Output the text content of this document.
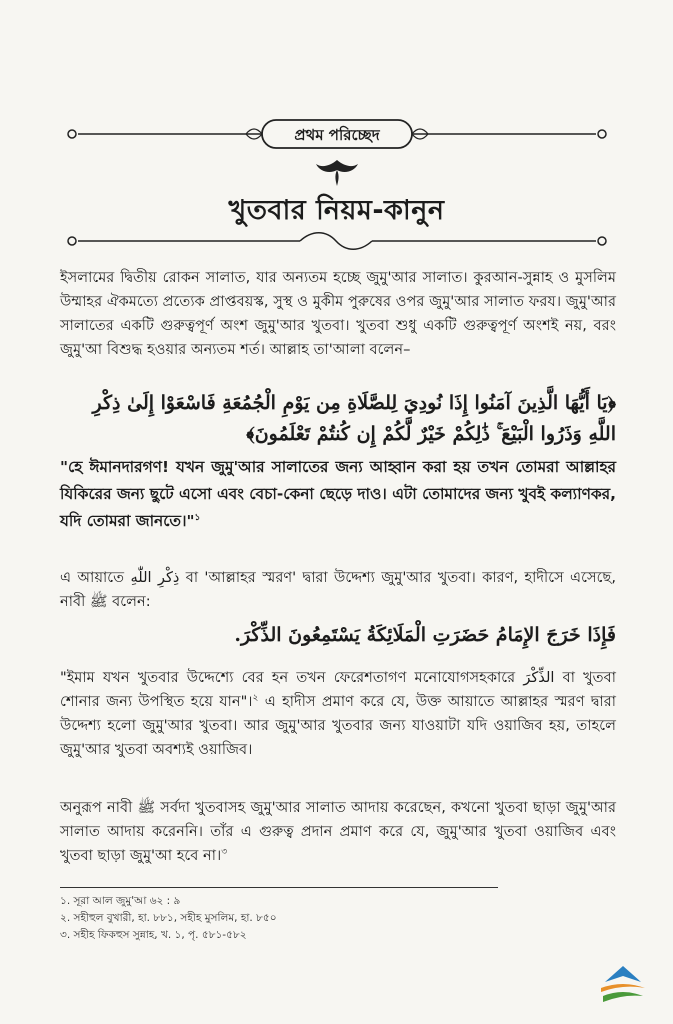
প্রথম পরিচ্ছেদ
খুতবার নিয়ম-কানুন
ইসলামের দ্বিতীয় রোকন সালাত, যার অন্যতম হচ্ছে জুমু'আর সালাত। কুরআন-সুন্নাহ ও মুসলিম উম্মাহর ঐকমত্যে প্রত্যেক প্রাপ্তবয়স্ক, সুস্থ ও মুকীম পুরুষের ওপর জুমু'আর সালাত ফরয। জুমু'আর সালাতের একটি গুরুত্বপূর্ণ অংশ জুমু'আর খুতবা। খুতবা শুধু একটি গুরুত্বপূর্ণ অংশই নয়, বরং জুমু'আ বিশুদ্ধ হওয়ার অন্যতম শর্ত। আল্লাহ তা'আলা বলেন–
﴿يَا أَيُّهَا الَّذِينَ آمَنُوا إِذَا نُودِيَ لِلصَّلَاةِ مِن يَوْمِ الْجُمُعَةِ فَاسْعَوْا إِلَىٰ ذِكْرِ اللَّهِ وَذَرُوا الْبَيْعَ ۚ ذَٰلِكُمْ خَيْرٌ لَّكُمْ إِن كُنتُمْ تَعْلَمُونَ﴾
"হে ঈমানদারগণ! যখন জুমু'আর সালাতের জন্য আহ্বান করা হয় তখন তোমরা আল্লাহর যিকিরের জন্য ছুটে এসো এবং বেচা-কেনা ছেড়ে দাও। এটা তোমাদের জন্য খুবই কল্যাণকর, যদি তোমরা জানতে।"$^১$
এ আয়াতে ذِكْرِ اللّٰهِ বা 'আল্লাহর স্মরণ' দ্বারা উদ্দেশ্য জুমু'আর খুতবা। কারণ, হাদীসে এসেছে, নাবী ﷺ বলেন:
فَإِذَا خَرَجَ الإِمَامُ حَضَرَتِ الْمَلَائِكَةُ يَسْتَمِعُونَ الذِّكْرَ.
"ইমাম যখন খুতবার উদ্দেশ্যে বের হন তখন ফেরেশতাগণ মনোযোগসহকারে الذِّكْرَ বা খুতবা শোনার জন্য উপস্থিত হয়ে যান"।$^২$ এ হাদীস প্রমাণ করে যে, উক্ত আয়াতে আল্লাহর স্মরণ দ্বারা উদ্দেশ্য হলো জুমু'আর খুতবা। আর জুমু'আর খুতবার জন্য যাওয়াটা যদি ওয়াজিব হয়, তাহলে জুমু'আর খুতবা অবশ্যই ওয়াজিব।
অনুরূপ নাবী ﷺ সর্বদা খুতবাসহ জুমু'আর সালাত আদায় করেছেন, কখনো খুতবা ছাড়া জুমু'আর সালাত আদায় করেননি। তাঁর এ গুরুত্ব প্রদান প্রমাণ করে যে, জুমু'আর খুতবা ওয়াজিব এবং খুতবা ছাড়া জুমু'আ হবে না।$^৩$
১. সূরা আল জুমু'আ ৬২ : ৯
২. সহীহুল বুখারী, হা. ৮৮১, সহীহ মুসলিম, হা. ৮৫০
৩. সহীহ ফিকহুস সুন্নাহ, খ. ১, পৃ. ৫৮১-৫৮২
